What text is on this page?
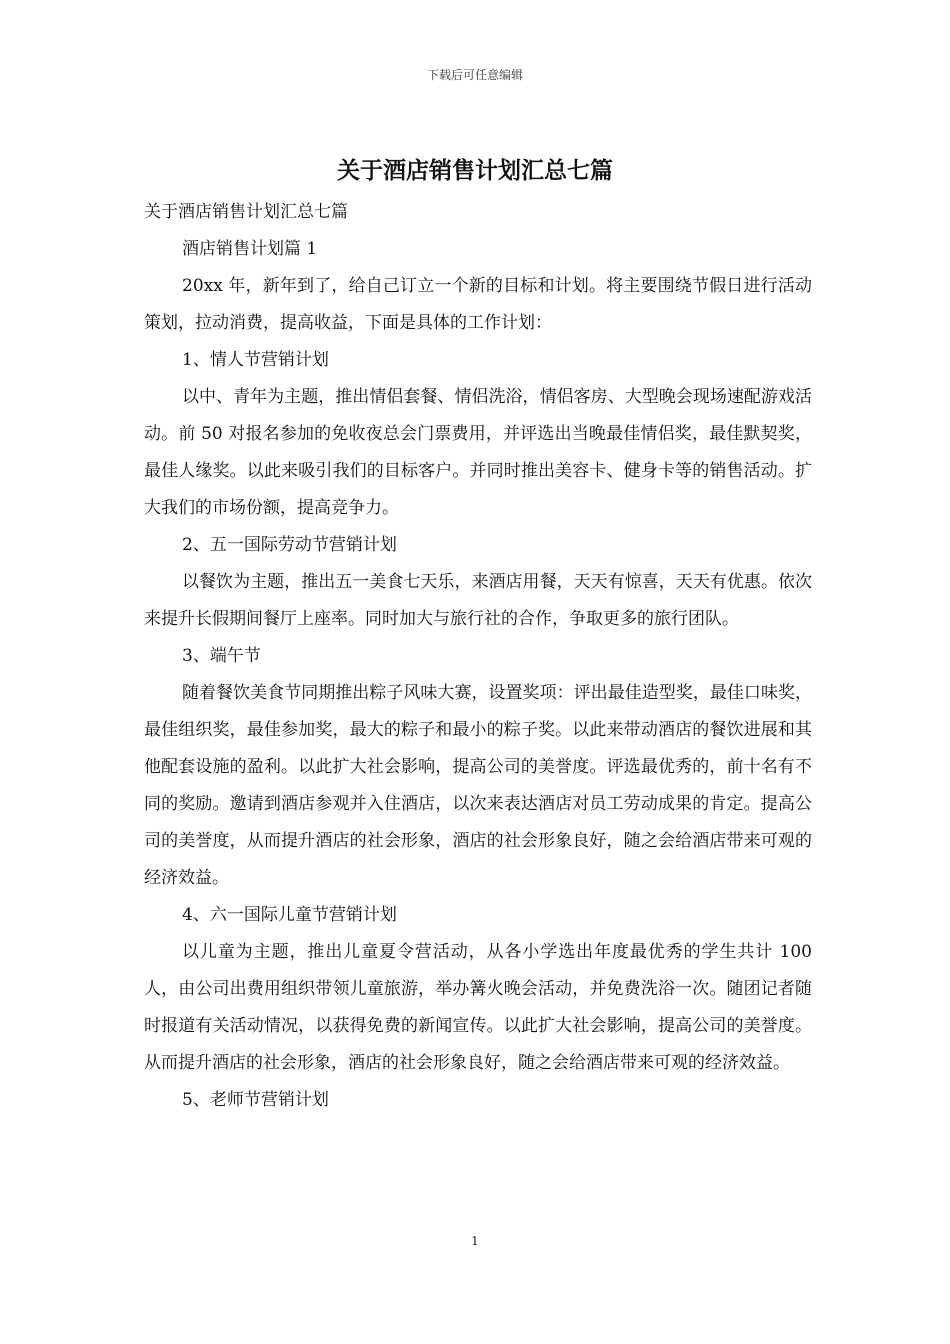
下载后可任意编辑
关于酒店销售计划汇总七篇

关于酒店销售计划汇总七篇

酒店销售计划篇 1

20xx 年，新年到了，给自己订立一个新的目标和计划。将主要围绕节假日进行活动策划，拉动消费，提高收益，下面是具体的工作计划：

1、情人节营销计划

以中、青年为主题，推出情侣套餐、情侣洗浴，情侣客房、大型晚会现场速配游戏活动。前 50 对报名参加的免收夜总会门票费用，并评选出当晚最佳情侣奖，最佳默契奖，最佳人缘奖。以此来吸引我们的目标客户。并同时推出美容卡、健身卡等的销售活动。扩大我们的市场份额，提高竞争力。

2、五一国际劳动节营销计划

以餐饮为主题，推出五一美食七天乐，来酒店用餐，天天有惊喜，天天有优惠。依次来提升长假期间餐厅上座率。同时加大与旅行社的合作，争取更多的旅行团队。

3、端午节

随着餐饮美食节同期推出粽子风味大赛，设置奖项：评出最佳造型奖，最佳口味奖，最佳组织奖，最佳参加奖，最大的粽子和最小的粽子奖。以此来带动酒店的餐饮进展和其他配套设施的盈利。以此扩大社会影响，提高公司的美誉度。评选最优秀的，前十名有不同的奖励。邀请到酒店参观并入住酒店，以次来表达酒店对员工劳动成果的肯定。提高公司的美誉度，从而提升酒店的社会形象，酒店的社会形象良好，随之会给酒店带来可观的经济效益。

4、六一国际儿童节营销计划

以儿童为主题，推出儿童夏令营活动，从各小学选出年度最优秀的学生共计 100 人，由公司出费用组织带领儿童旅游，举办篝火晚会活动，并免费洗浴一次。随团记者随时报道有关活动情况，以获得免费的新闻宣传。以此扩大社会影响，提高公司的美誉度。从而提升酒店的社会形象，酒店的社会形象良好，随之会给酒店带来可观的经济效益。

5、老师节营销计划

1
